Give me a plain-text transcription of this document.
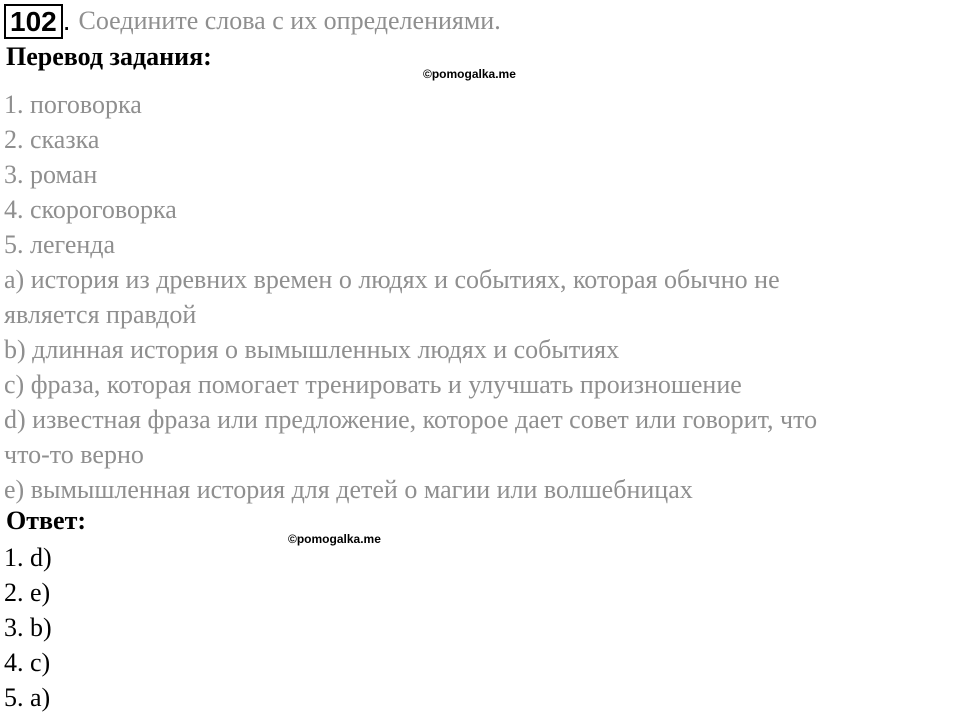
102 . Соедините слова с их определениями.
Перевод задания:
©pomogalka.me
1. поговорка
2. сказка
3. роман
4. скороговорка
5. легенда
a) история из древних времен о людях и событиях, которая обычно не
является правдой
b) длинная история о вымышленных людях и событиях
c) фраза, которая помогает тренировать и улучшать произношение
d) известная фраза или предложение, которое дает совет или говорит, что
что-то верно
e) вымышленная история для детей о магии или волшебницах
Ответ:
©pomogalka.me
1. d)
2. e)
3. b)
4. c)
5. a)
